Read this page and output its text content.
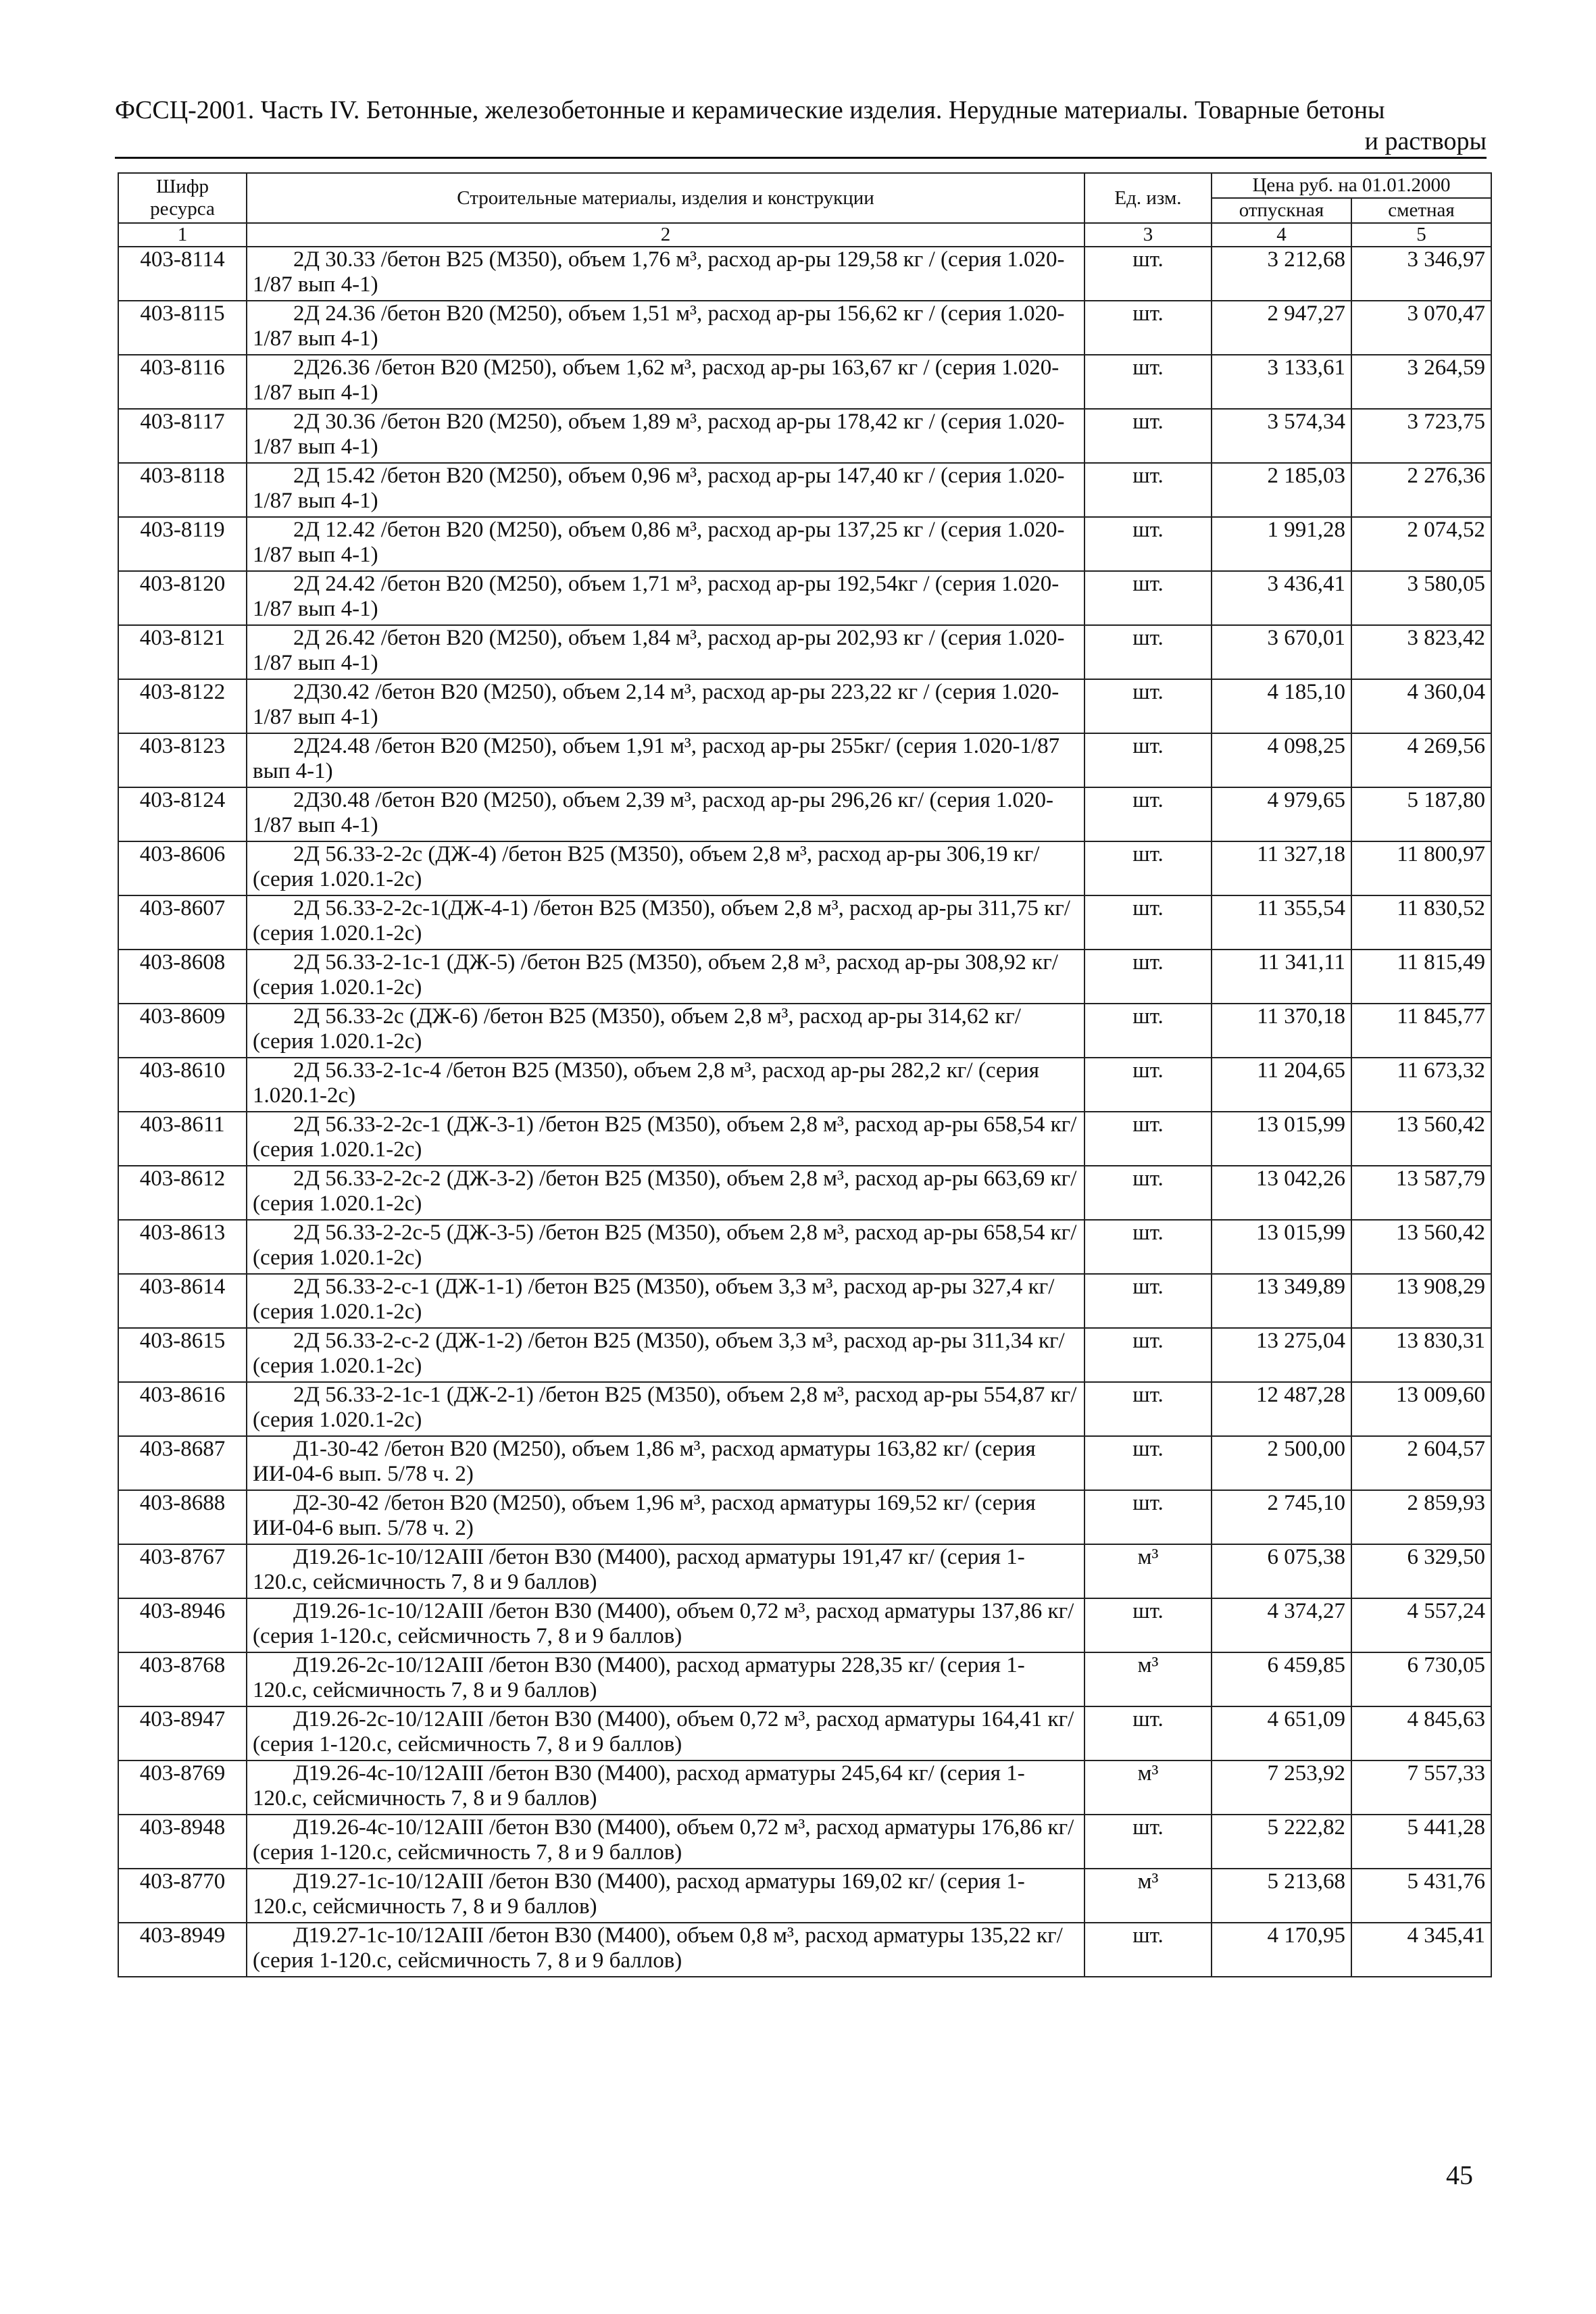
ФССЦ-2001. Часть IV. Бетонные, железобетонные и керамические изделия. Нерудные материалы. Товарные бетоны
и растворы
Шифр ресурса	Строительные материалы, изделия и конструкции	Ед. изм.	Цена руб. на 01.01.2000	
			отпускная	сметная
1	2	3	4	5
403-8114	2Д 30.33 /бетон В25 (М350), объем 1,76 м³, расход ар-ры 129,58 кг / (серия 1.020-1/87 вып 4-1)	шт.	3 212,68	3 346,97
403-8115	2Д 24.36 /бетон В20 (М250), объем 1,51 м³, расход ар-ры 156,62 кг / (серия 1.020-1/87 вып 4-1)	шт.	2 947,27	3 070,47
403-8116	2Д26.36 /бетон В20 (М250), объем 1,62 м³, расход ар-ры 163,67 кг / (серия 1.020-1/87 вып 4-1)	шт.	3 133,61	3 264,59
403-8117	2Д 30.36 /бетон В20 (М250), объем 1,89 м³, расход ар-ры 178,42 кг / (серия 1.020-1/87 вып 4-1)	шт.	3 574,34	3 723,75
403-8118	2Д 15.42 /бетон В20 (М250), объем 0,96 м³, расход ар-ры 147,40 кг / (серия 1.020-1/87 вып 4-1)	шт.	2 185,03	2 276,36
403-8119	2Д 12.42 /бетон В20 (М250), объем 0,86 м³, расход ар-ры 137,25 кг / (серия 1.020-1/87 вып 4-1)	шт.	1 991,28	2 074,52
403-8120	2Д 24.42 /бетон В20 (М250), объем 1,71 м³, расход ар-ры 192,54кг / (серия 1.020-1/87 вып 4-1)	шт.	3 436,41	3 580,05
403-8121	2Д 26.42 /бетон В20 (М250), объем 1,84 м³, расход ар-ры 202,93 кг / (серия 1.020-1/87 вып 4-1)	шт.	3 670,01	3 823,42
403-8122	2Д30.42 /бетон В20 (М250), объем 2,14 м³, расход ар-ры 223,22 кг / (серия 1.020-1/87 вып 4-1)	шт.	4 185,10	4 360,04
403-8123	2Д24.48 /бетон В20 (М250), объем 1,91 м³, расход ар-ры 255кг/ (серия 1.020-1/87 вып 4-1)	шт.	4 098,25	4 269,56
403-8124	2Д30.48 /бетон В20 (М250), объем 2,39 м³, расход ар-ры 296,26 кг/ (серия 1.020-1/87 вып 4-1)	шт.	4 979,65	5 187,80
403-8606	2Д 56.33-2-2с (ДЖ-4) /бетон В25 (М350), объем 2,8 м³, расход ар-ры 306,19 кг/ (серия 1.020.1-2с)	шт.	11 327,18	11 800,97
403-8607	2Д 56.33-2-2с-1(ДЖ-4-1) /бетон В25 (М350), объем 2,8 м³, расход ар-ры 311,75 кг/ (серия 1.020.1-2с)	шт.	11 355,54	11 830,52
403-8608	2Д 56.33-2-1с-1 (ДЖ-5) /бетон В25 (М350), объем 2,8 м³, расход ар-ры 308,92 кг/ (серия 1.020.1-2с)	шт.	11 341,11	11 815,49
403-8609	2Д 56.33-2с (ДЖ-6) /бетон В25 (М350), объем 2,8 м³, расход ар-ры 314,62 кг/ (серия 1.020.1-2с)	шт.	11 370,18	11 845,77
403-8610	2Д 56.33-2-1с-4 /бетон В25 (М350), объем 2,8 м³, расход ар-ры 282,2 кг/ (серия 1.020.1-2с)	шт.	11 204,65	11 673,32
403-8611	2Д 56.33-2-2с-1 (ДЖ-3-1) /бетон В25 (М350), объем 2,8 м³, расход ар-ры 658,54 кг/ (серия 1.020.1-2с)	шт.	13 015,99	13 560,42
403-8612	2Д 56.33-2-2с-2 (ДЖ-3-2) /бетон В25 (М350), объем 2,8 м³, расход ар-ры 663,69 кг/ (серия 1.020.1-2с)	шт.	13 042,26	13 587,79
403-8613	2Д 56.33-2-2с-5 (ДЖ-3-5) /бетон В25 (М350), объем 2,8 м³, расход ар-ры 658,54 кг/ (серия 1.020.1-2с)	шт.	13 015,99	13 560,42
403-8614	2Д 56.33-2-с-1 (ДЖ-1-1) /бетон В25 (М350), объем 3,3 м³, расход ар-ры 327,4 кг/ (серия 1.020.1-2с)	шт.	13 349,89	13 908,29
403-8615	2Д 56.33-2-с-2 (ДЖ-1-2) /бетон В25 (М350), объем 3,3 м³, расход ар-ры 311,34 кг/ (серия 1.020.1-2с)	шт.	13 275,04	13 830,31
403-8616	2Д 56.33-2-1с-1 (ДЖ-2-1) /бетон В25 (М350), объем 2,8 м³, расход ар-ры 554,87 кг/ (серия 1.020.1-2с)	шт.	12 487,28	13 009,60
403-8687	Д1-30-42 /бетон В20 (М250), объем 1,86 м³, расход арматуры 163,82 кг/ (серия ИИ-04-6 вып. 5/78 ч. 2)	шт.	2 500,00	2 604,57
403-8688	Д2-30-42 /бетон В20 (М250), объем 1,96 м³, расход арматуры 169,52 кг/ (серия ИИ-04-6 вып. 5/78 ч. 2)	шт.	2 745,10	2 859,93
403-8767	Д19.26-1с-10/12АIII /бетон В30 (М400), расход арматуры 191,47 кг/ (серия 1-120.с, сейсмичность 7, 8 и 9 баллов)	м³	6 075,38	6 329,50
403-8946	Д19.26-1с-10/12АIII /бетон В30 (М400), объем 0,72 м³, расход арматуры 137,86 кг/ (серия 1-120.с, сейсмичность 7, 8 и 9 баллов)	шт.	4 374,27	4 557,24
403-8768	Д19.26-2с-10/12АIII /бетон В30 (М400), расход арматуры 228,35 кг/ (серия 1-120.с, сейсмичность 7, 8 и 9 баллов)	м³	6 459,85	6 730,05
403-8947	Д19.26-2с-10/12АIII /бетон В30 (М400), объем 0,72 м³, расход арматуры 164,41 кг/ (серия 1-120.с, сейсмичность 7, 8 и 9 баллов)	шт.	4 651,09	4 845,63
403-8769	Д19.26-4с-10/12АIII /бетон В30 (М400), расход арматуры 245,64 кг/ (серия 1-120.с, сейсмичность 7, 8 и 9 баллов)	м³	7 253,92	7 557,33
403-8948	Д19.26-4с-10/12АIII /бетон В30 (М400), объем 0,72 м³, расход арматуры 176,86 кг/ (серия 1-120.с, сейсмичность 7, 8 и 9 баллов)	шт.	5 222,82	5 441,28
403-8770	Д19.27-1с-10/12АIII /бетон В30 (М400), расход арматуры 169,02 кг/ (серия 1-120.с, сейсмичность 7, 8 и 9 баллов)	м³	5 213,68	5 431,76
403-8949	Д19.27-1с-10/12АIII /бетон В30 (М400), объем 0,8 м³, расход арматуры 135,22 кг/ (серия 1-120.с, сейсмичность 7, 8 и 9 баллов)	шт.	4 170,95	4 345,41
45
